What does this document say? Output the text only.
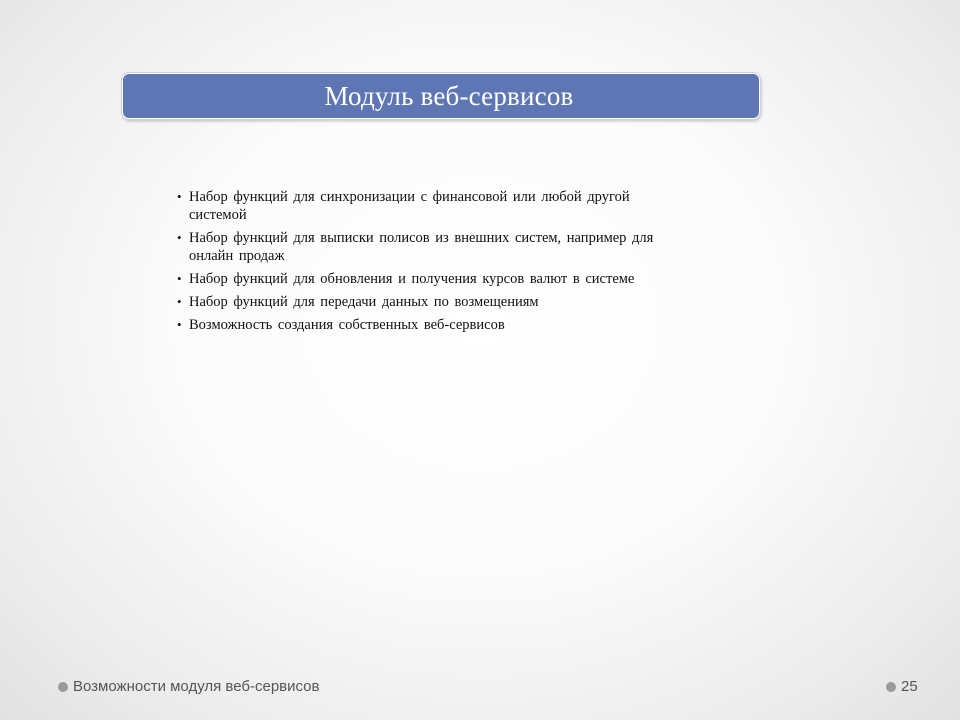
Модуль веб-сервисов
• Набор функций для синхронизации с финансовой или любой другой
системой
• Набор функций для выписки полисов из внешних систем, например для
онлайн продаж
• Набор функций для обновления и получения курсов валют в системе
• Набор функций для передачи данных по возмещениям
• Возможность создания собственных веб-сервисов
Возможности модуля веб-сервисов	25
